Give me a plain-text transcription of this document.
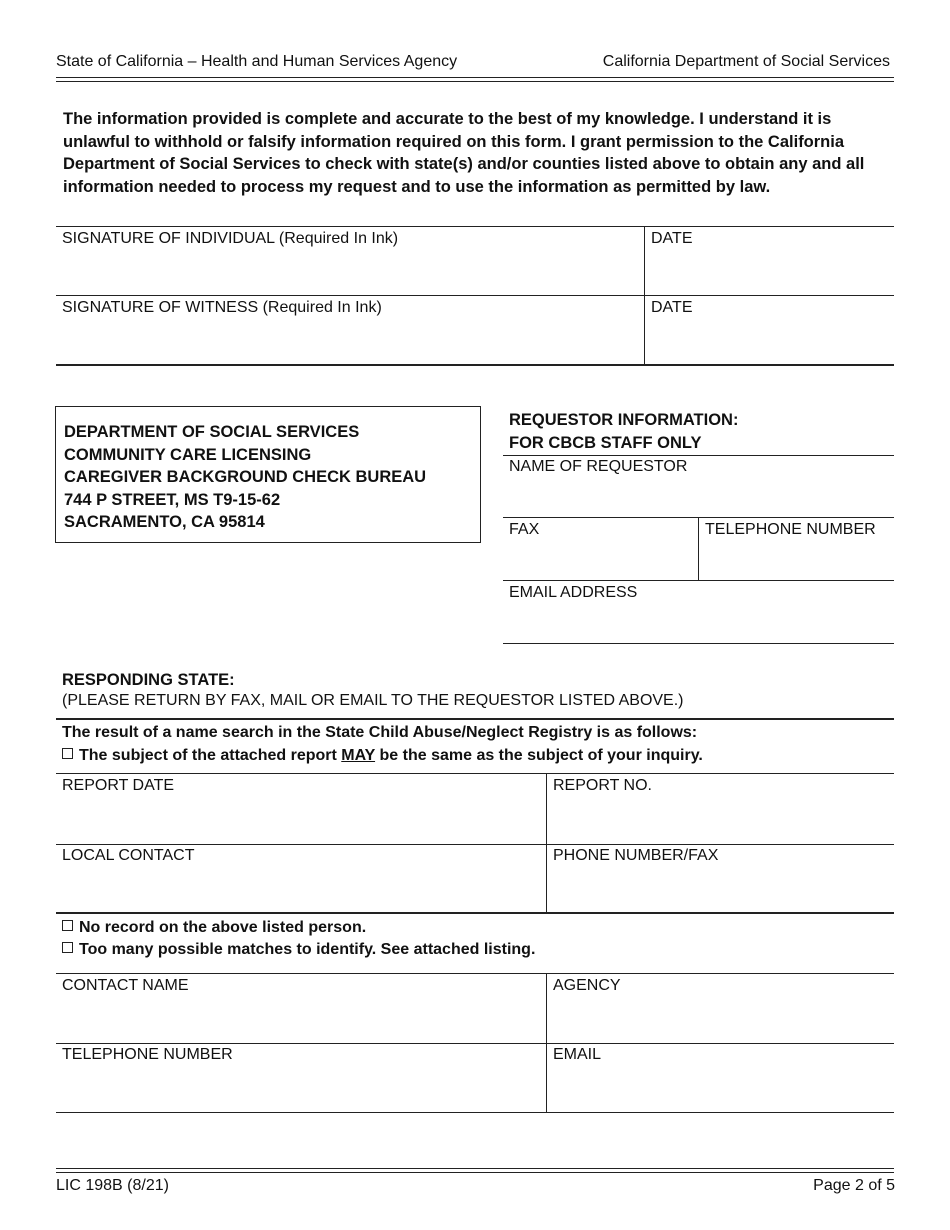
State of California – Health and Human Services Agency	California Department of Social Services
The information provided is complete and accurate to the best of my knowledge. I understand it is unlawful to withhold or falsify information required on this form. I grant permission to the California Department of Social Services to check with state(s) and/or counties listed above to obtain any and all information needed to process my request and to use the information as permitted by law.
SIGNATURE OF INDIVIDUAL (Required In Ink)	DATE
SIGNATURE OF WITNESS (Required In Ink)	DATE
DEPARTMENT OF SOCIAL SERVICES
COMMUNITY CARE LICENSING
CAREGIVER BACKGROUND CHECK BUREAU
744 P STREET, MS T9-15-62
SACRAMENTO, CA 95814
REQUESTOR INFORMATION:
FOR CBCB STAFF ONLY
NAME OF REQUESTOR
FAX	TELEPHONE NUMBER
EMAIL ADDRESS
RESPONDING STATE:
(PLEASE RETURN BY FAX, MAIL OR EMAIL TO THE REQUESTOR LISTED ABOVE.)
The result of a name search in the State Child Abuse/Neglect Registry is as follows:
The subject of the attached report MAY be the same as the subject of your inquiry.
REPORT DATE	REPORT NO.
LOCAL CONTACT	PHONE NUMBER/FAX
No record on the above listed person.
Too many possible matches to identify. See attached listing.
CONTACT NAME	AGENCY
TELEPHONE NUMBER	EMAIL
LIC 198B (8/21)	Page 2 of 5
